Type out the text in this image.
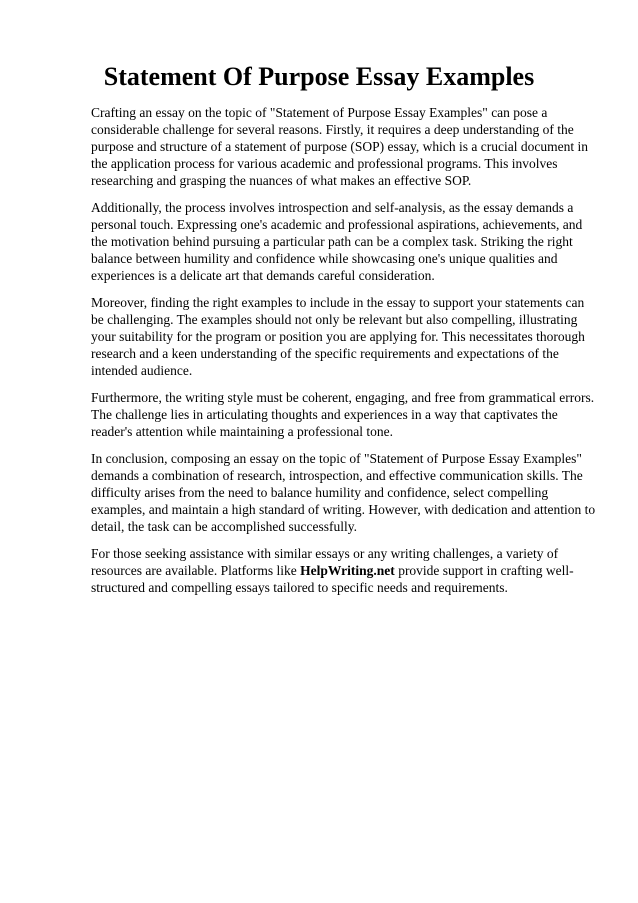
Statement Of Purpose Essay Examples

Crafting an essay on the topic of "Statement of Purpose Essay Examples" can pose a considerable challenge for several reasons. Firstly, it requires a deep understanding of the purpose and structure of a statement of purpose (SOP) essay, which is a crucial document in the application process for various academic and professional programs. This involves researching and grasping the nuances of what makes an effective SOP.

Additionally, the process involves introspection and self-analysis, as the essay demands a personal touch. Expressing one's academic and professional aspirations, achievements, and the motivation behind pursuing a particular path can be a complex task. Striking the right balance between humility and confidence while showcasing one's unique qualities and experiences is a delicate art that demands careful consideration.

Moreover, finding the right examples to include in the essay to support your statements can be challenging. The examples should not only be relevant but also compelling, illustrating your suitability for the program or position you are applying for. This necessitates thorough research and a keen understanding of the specific requirements and expectations of the intended audience.

Furthermore, the writing style must be coherent, engaging, and free from grammatical errors. The challenge lies in articulating thoughts and experiences in a way that captivates the reader's attention while maintaining a professional tone.

In conclusion, composing an essay on the topic of "Statement of Purpose Essay Examples" demands a combination of research, introspection, and effective communication skills. The difficulty arises from the need to balance humility and confidence, select compelling examples, and maintain a high standard of writing. However, with dedication and attention to detail, the task can be accomplished successfully.

For those seeking assistance with similar essays or any writing challenges, a variety of resources are available. Platforms like HelpWriting.net provide support in crafting well-structured and compelling essays tailored to specific needs and requirements.
